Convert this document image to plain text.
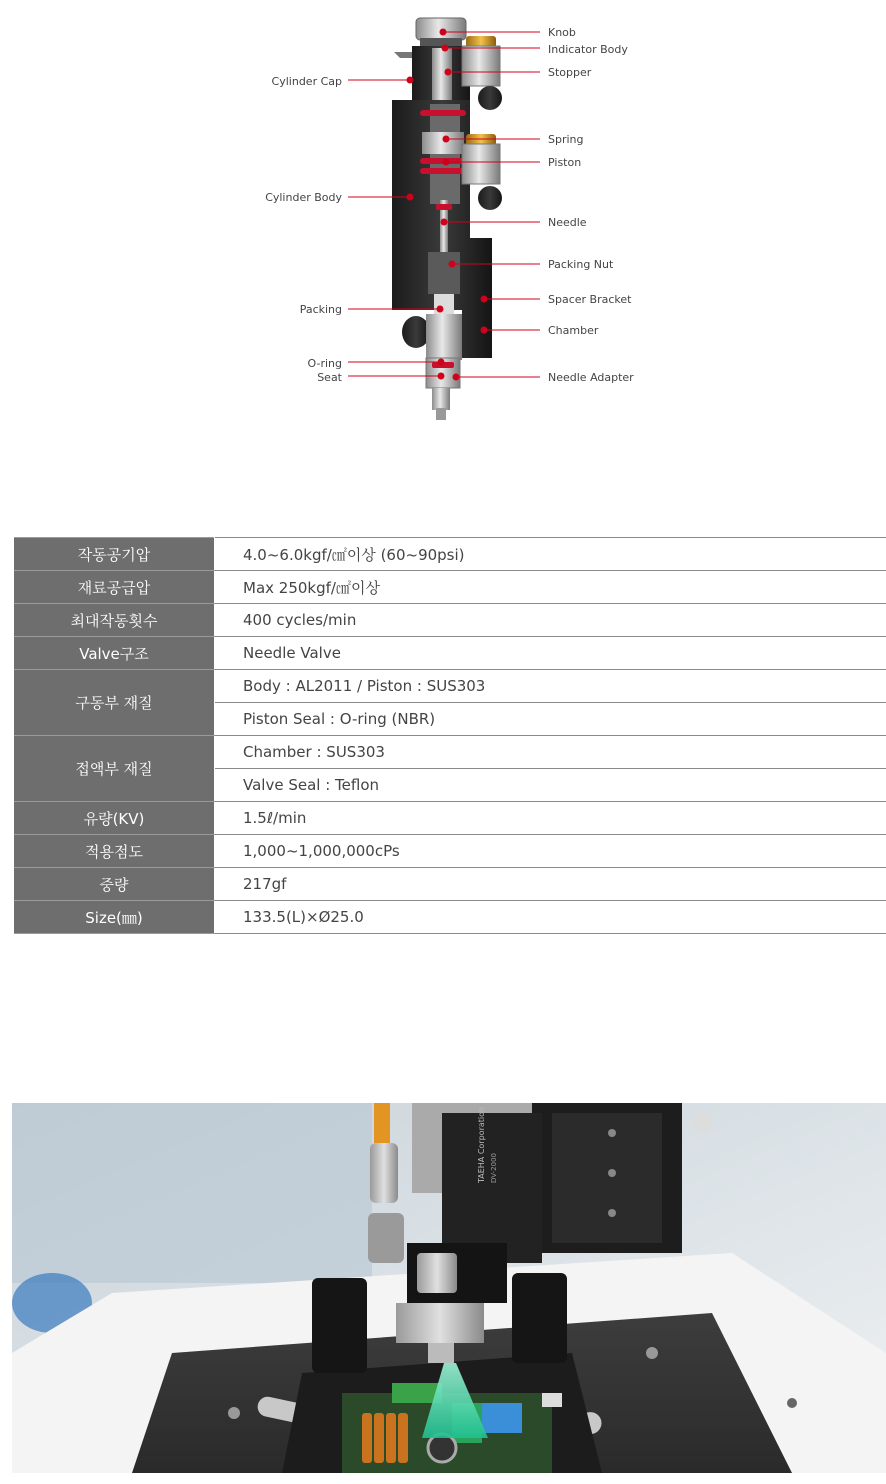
Knob
Indicator Body
Stopper
Spring
Piston
Needle
Packing Nut
Spacer Bracket
Chamber
Needle Adapter
Cylinder Cap
Cylinder Body
Packing
O-ring
Seat
작동공기압	4.0~6.0kgf/㎠이상 (60~90psi)
재료공급압	Max 250kgf/㎠이상
최대작동횟수	400 cycles/min
Valve구조	Needle Valve
구동부 재질	Body : AL2011 / Piston : SUS303
	Piston Seal : O-ring (NBR)
접액부 재질	Chamber : SUS303
	Valve Seal : Teflon
유량(KV)	1.5ℓ/min
적용점도	1,000~1,000,000cPs
중량	217gf
Size(㎜)	133.5(L)×Ø25.0
TAEHA Corporation DV-2000
